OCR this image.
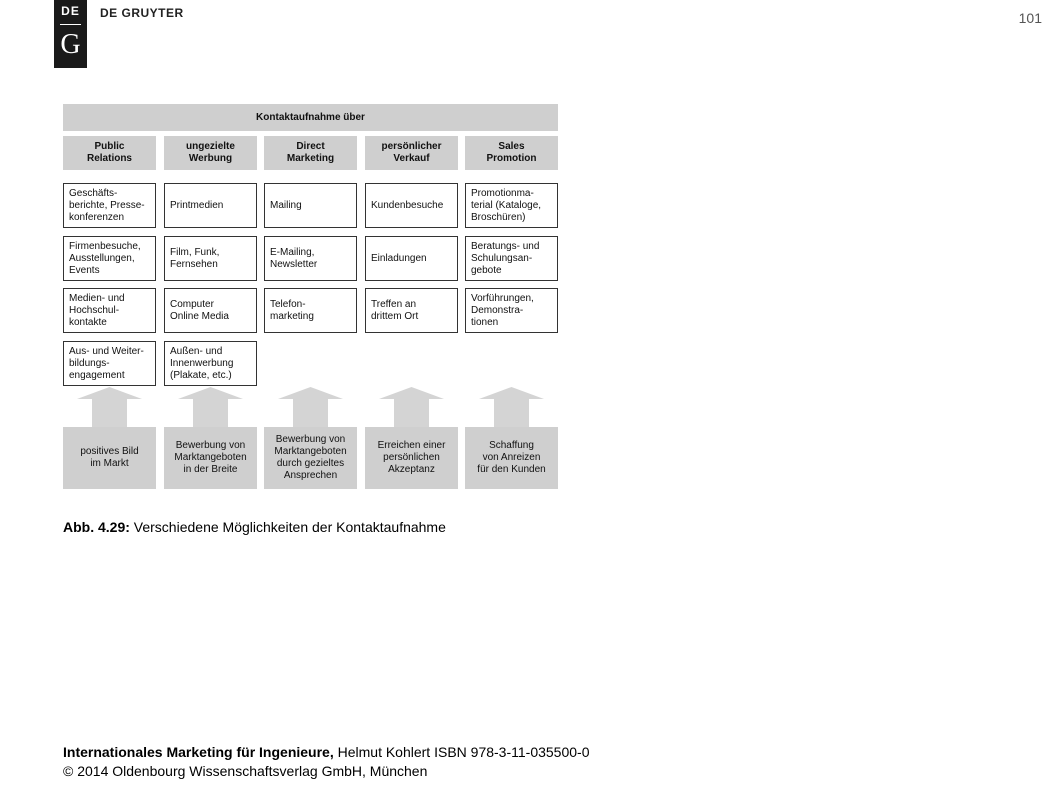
DE
G
DE GRUYTER	101
Kontaktaufnahme über
Public
Relations
Geschäfts-
berichte, Presse-
konferenzen
Firmenbesuche,
Ausstellungen,
Events
Medien- und
Hochschul-
kontakte
Aus- und Weiter-
bildungs-
engagement
positives Bild
im Markt
ungezielte
Werbung
Printmedien
Film, Funk,
Fernsehen
Computer
Online Media
Außen- und
Innenwerbung
(Plakate, etc.)
Bewerbung von
Marktangeboten
in der Breite
Direct
Marketing
Mailing
E-Mailing,
Newsletter
Telefon-
marketing
Bewerbung von
Marktangeboten
durch gezieltes
Ansprechen
persönlicher
Verkauf
Kundenbesuche
Einladungen
Treffen an
drittem Ort
Erreichen einer
persönlichen
Akzeptanz
Sales
Promotion
Promotionma-
terial (Kataloge,
Broschüren)
Beratungs- und
Schulungsan-
gebote
Vorführungen,
Demonstra-
tionen
Schaffung
von Anreizen
für den Kunden
Abb. 4.29: Verschiedene Möglichkeiten der Kontaktaufnahme
Internationales Marketing für Ingenieure, Helmut Kohlert ISBN 978-3-11-035500-0
© 2014 Oldenbourg Wissenschaftsverlag GmbH, München
